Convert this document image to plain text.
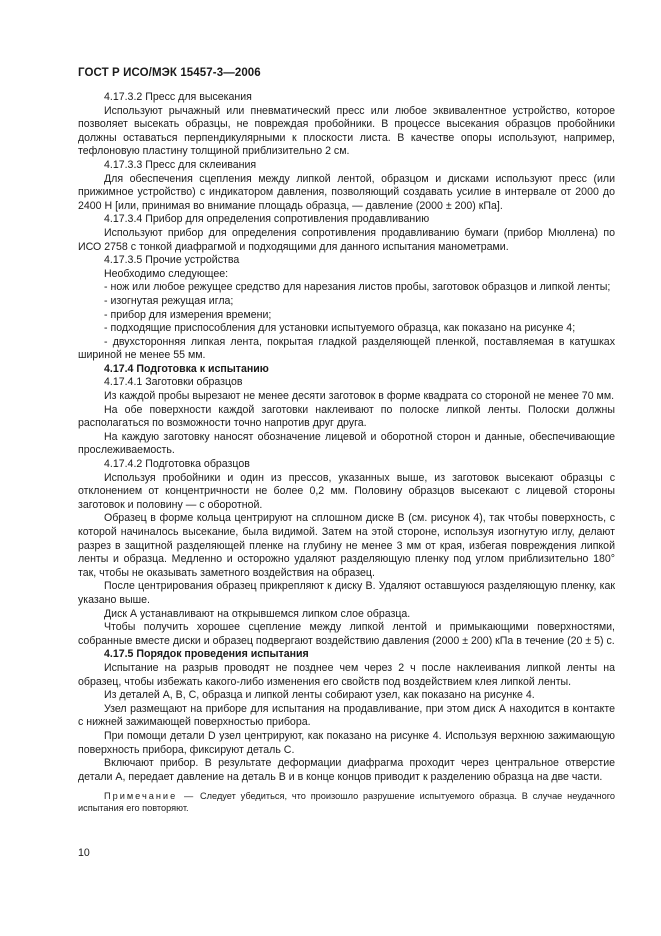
ГОСТ Р ИСО/МЭК 15457-3—2006

4.17.3.2 Пресс для высекания

Используют рычажный или пневматический пресс или любое эквивалентное устройство, которое позволяет высекать образцы, не повреждая пробойники. В процессе высекания образцов пробойники должны оставаться перпендикулярными к плоскости листа. В качестве опоры используют, например, тефлоновую пластину толщиной приблизительно 2 см.

4.17.3.3 Пресс для склеивания

Для обеспечения сцепления между липкой лентой, образцом и дисками используют пресс (или прижимное устройство) с индикатором давления, позволяющий создавать усилие в интервале от 2000 до 2400 Н [или, принимая во внимание площадь образца, — давление (2000 ± 200) кПа].

4.17.3.4 Прибор для определения сопротивления продавливанию

Используют прибор для определения сопротивления продавливанию бумаги (прибор Мюллена) по ИСО 2758 с тонкой диафрагмой и подходящими для данного испытания манометрами.

4.17.3.5 Прочие устройства

Необходимо следующее:

- нож или любое режущее средство для нарезания листов пробы, заготовок образцов и липкой ленты;

- изогнутая режущая игла;

- прибор для измерения времени;

- подходящие приспособления для установки испытуемого образца, как показано на рисунке 4;

- двухсторонняя липкая лента, покрытая гладкой разделяющей пленкой, поставляемая в катушках шириной не менее 55 мм.

4.17.4 Подготовка к испытанию

4.17.4.1 Заготовки образцов

Из каждой пробы вырезают не менее десяти заготовок в форме квадрата со стороной не менее 70 мм.

На обе поверхности каждой заготовки наклеивают по полоске липкой ленты. Полоски должны располагаться по возможности точно напротив друг друга.

На каждую заготовку наносят обозначение лицевой и оборотной сторон и данные, обеспечивающие прослеживаемость.

4.17.4.2 Подготовка образцов

Используя пробойники и один из прессов, указанных выше, из заготовок высекают образцы с отклонением от концентричности не более 0,2 мм. Половину образцов высекают с лицевой стороны заготовок и половину — с оборотной.

Образец в форме кольца центрируют на сплошном диске В (см. рисунок 4), так чтобы поверхность, с которой начиналось высекание, была видимой. Затем на этой стороне, используя изогнутую иглу, делают разрез в защитной разделяющей пленке на глубину не менее 3 мм от края, избегая повреждения липкой ленты и образца. Медленно и осторожно удаляют разделяющую пленку под углом приблизительно 180° так, чтобы не оказывать заметного воздействия на образец.

После центрирования образец прикрепляют к диску В. Удаляют оставшуюся разделяющую пленку, как указано выше.

Диск А устанавливают на открывшемся липком слое образца.

Чтобы получить хорошее сцепление между липкой лентой и примыкающими поверхностями, собранные вместе диски и образец подвергают воздействию давления (2000 ± 200) кПа в течение (20 ± 5) с.

4.17.5 Порядок проведения испытания

Испытание на разрыв проводят не позднее чем через 2 ч после наклеивания липкой ленты на образец, чтобы избежать какого-либо изменения его свойств под воздействием клея липкой ленты.

Из деталей А, В, С, образца и липкой ленты собирают узел, как показано на рисунке 4.

Узел размещают на приборе для испытания на продавливание, при этом диск А находится в контакте с нижней зажимающей поверхностью прибора.

При помощи детали D узел центрируют, как показано на рисунке 4. Используя верхнюю зажимающую поверхность прибора, фиксируют деталь С.

Включают прибор. В результате деформации диафрагма проходит через центральное отверстие детали А, передает давление на деталь В и в конце концов приводит к разделению образца на две части.

Примечание — Следует убедиться, что произошло разрушение испытуемого образца. В случае неудачного испытания его повторяют.

10
